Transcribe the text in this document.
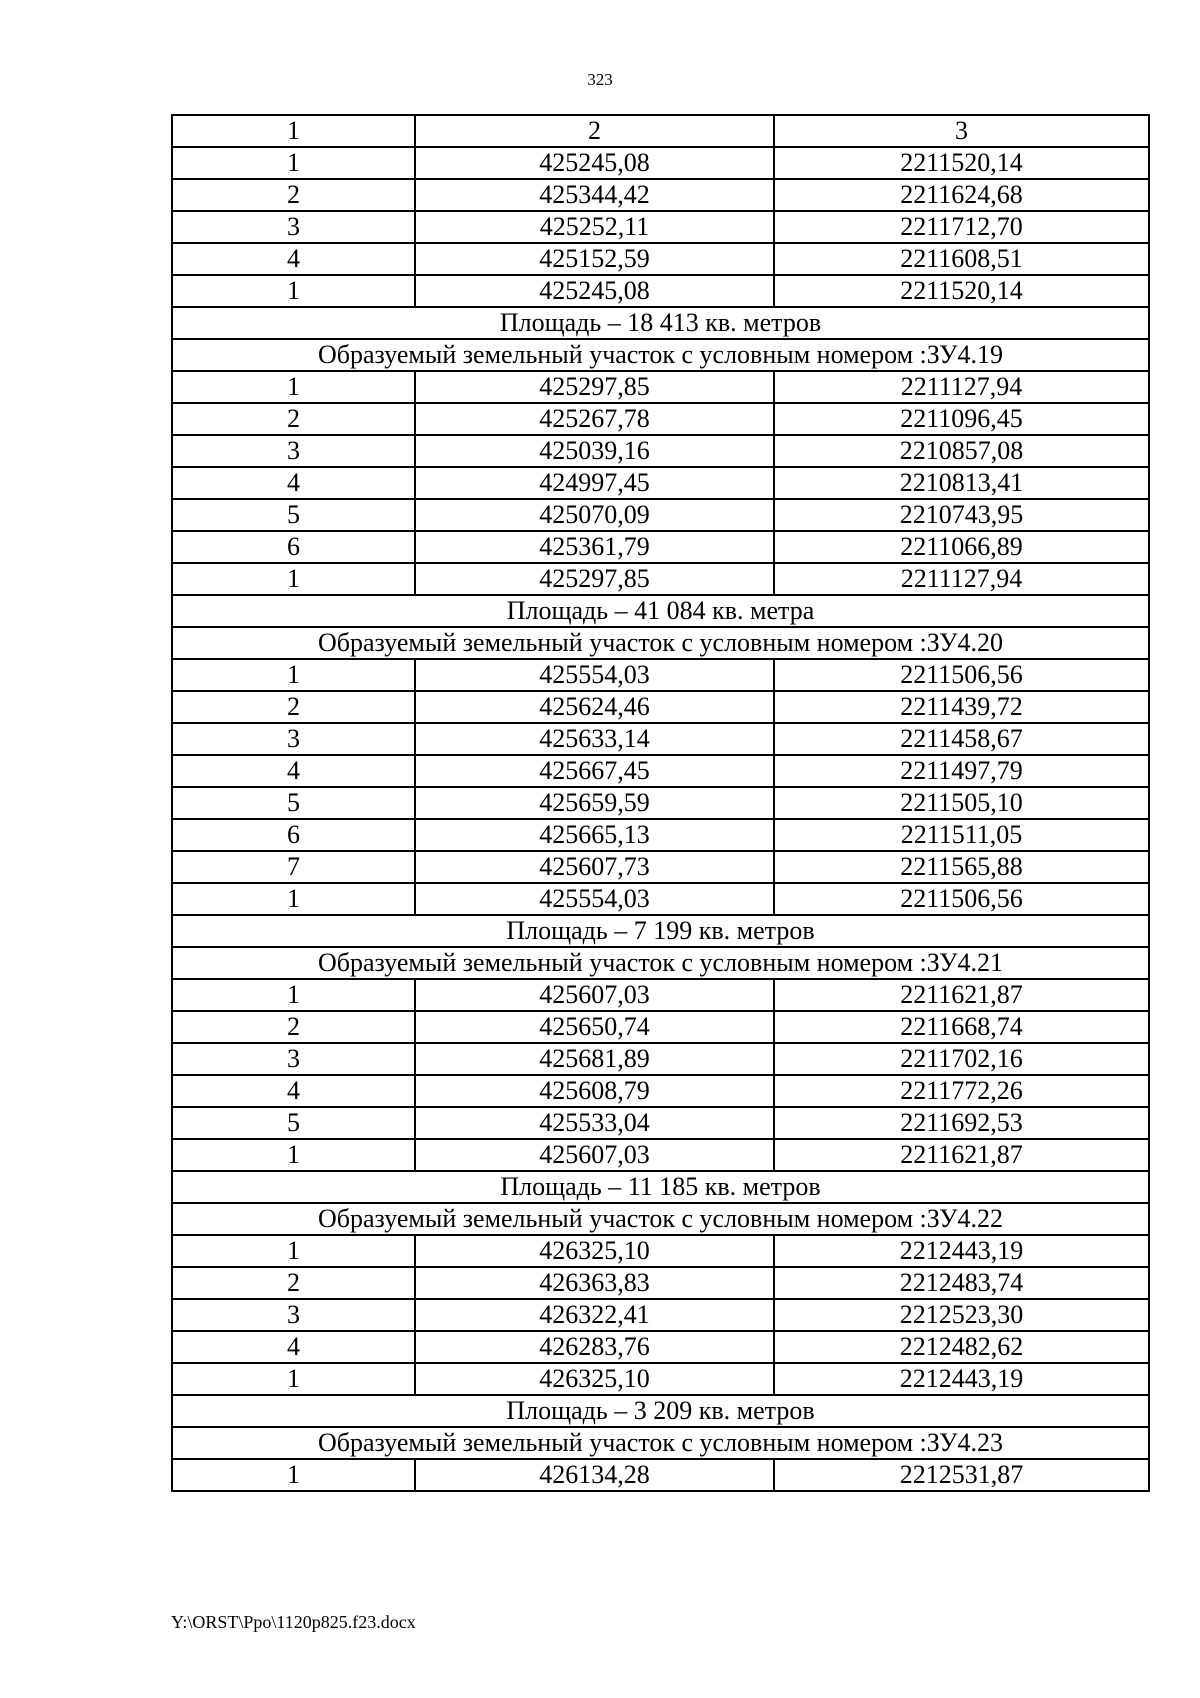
323
1	2	3
1	425245,08	2211520,14
2	425344,42	2211624,68
3	425252,11	2211712,70
4	425152,59	2211608,51
1	425245,08	2211520,14
Площадь – 18 413 кв. метров		
Образуемый земельный участок с условным номером :ЗУ4.19		
1	425297,85	2211127,94
2	425267,78	2211096,45
3	425039,16	2210857,08
4	424997,45	2210813,41
5	425070,09	2210743,95
6	425361,79	2211066,89
1	425297,85	2211127,94
Площадь – 41 084 кв. метра		
Образуемый земельный участок с условным номером :ЗУ4.20		
1	425554,03	2211506,56
2	425624,46	2211439,72
3	425633,14	2211458,67
4	425667,45	2211497,79
5	425659,59	2211505,10
6	425665,13	2211511,05
7	425607,73	2211565,88
1	425554,03	2211506,56
Площадь – 7 199 кв. метров		
Образуемый земельный участок с условным номером :ЗУ4.21		
1	425607,03	2211621,87
2	425650,74	2211668,74
3	425681,89	2211702,16
4	425608,79	2211772,26
5	425533,04	2211692,53
1	425607,03	2211621,87
Площадь – 11 185 кв. метров		
Образуемый земельный участок с условным номером :ЗУ4.22		
1	426325,10	2212443,19
2	426363,83	2212483,74
3	426322,41	2212523,30
4	426283,76	2212482,62
1	426325,10	2212443,19
Площадь – 3 209 кв. метров		
Образуемый земельный участок с условным номером :ЗУ4.23		
1	426134,28	2212531,87
Y:\ORST\Ppo\1120p825.f23.docx
